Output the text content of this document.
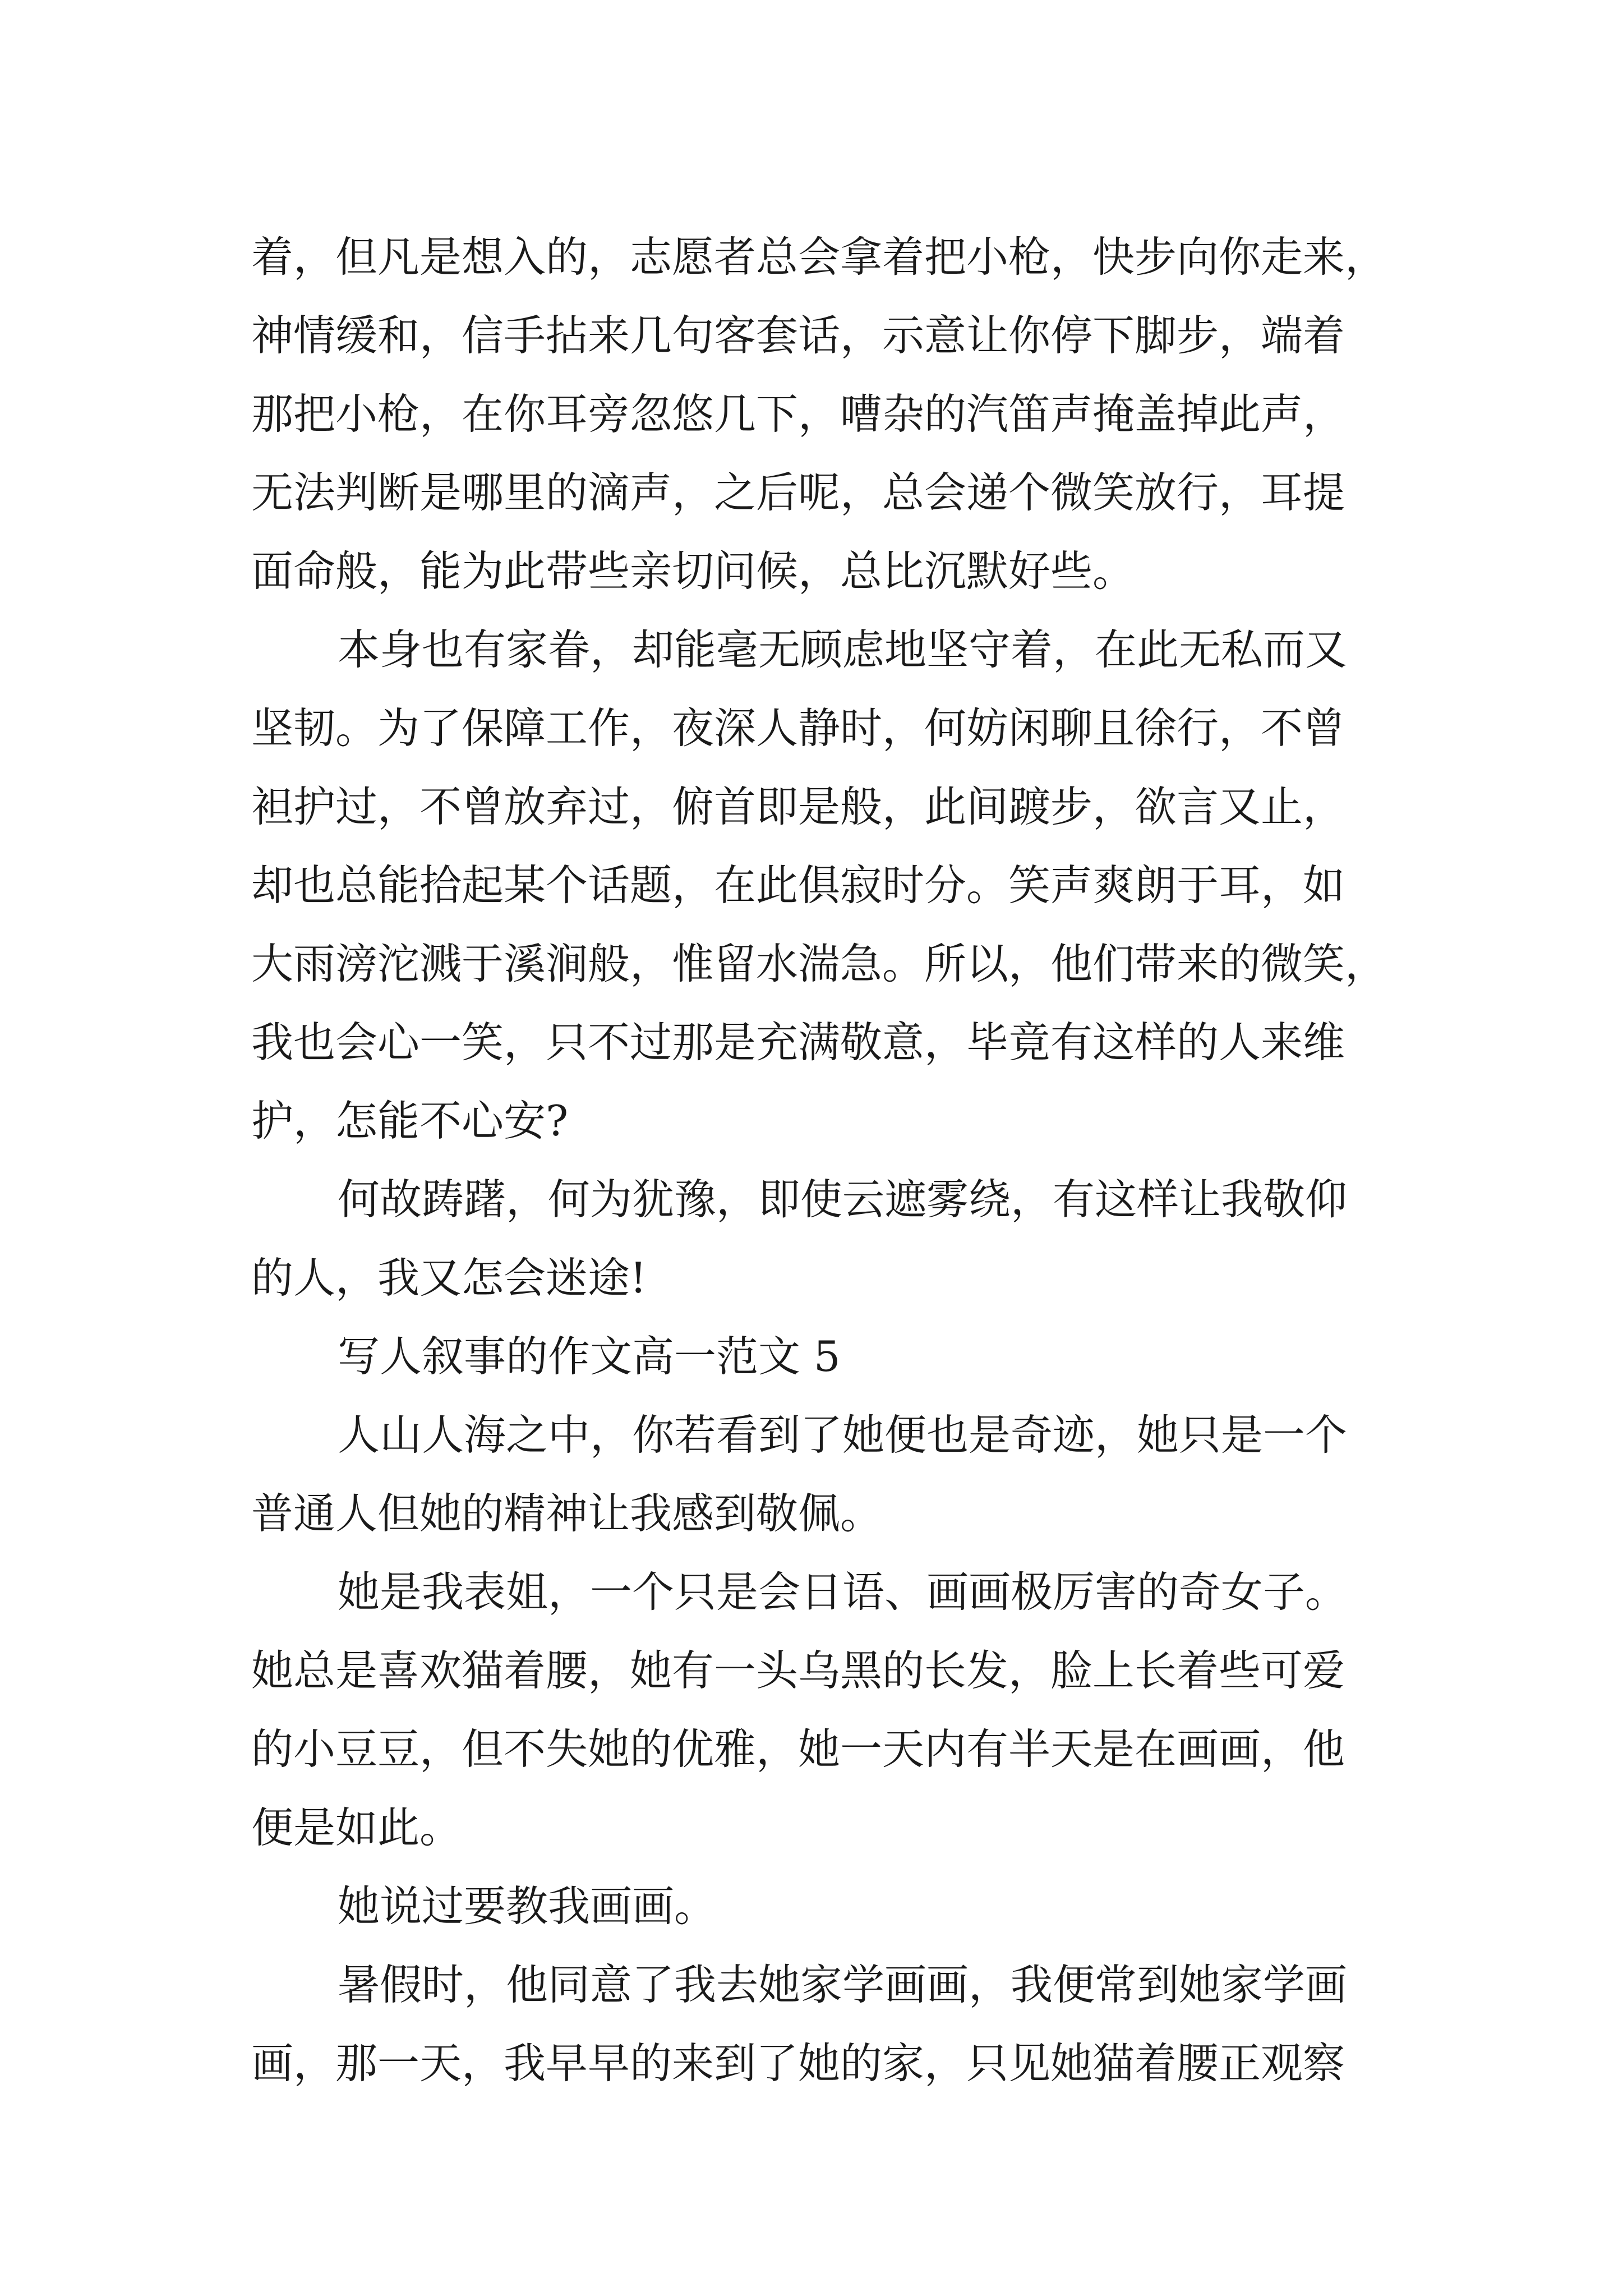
着，但凡是想入的，志愿者总会拿着把小枪，快步向你走来，
神情缓和，信手拈来几句客套话，示意让你停下脚步，端着
那把小枪，在你耳旁忽悠几下，嘈杂的汽笛声掩盖掉此声，
无法判断是哪里的滴声，之后呢，总会递个微笑放行，耳提
面命般，能为此带些亲切问候，总比沉默好些。
本身也有家眷，却能毫无顾虑地坚守着，在此无私而又
坚韧。为了保障工作，夜深人静时，何妨闲聊且徐行，不曾
袒护过，不曾放弃过，俯首即是般，此间踱步，欲言又止，
却也总能拾起某个话题，在此俱寂时分。笑声爽朗于耳，如
大雨滂沱溅于溪涧般，惟留水湍急。所以，他们带来的微笑，
我也会心一笑，只不过那是充满敬意，毕竟有这样的人来维
护，怎能不心安?
何故踌躇，何为犹豫，即使云遮雾绕，有这样让我敬仰
的人，我又怎会迷途!
写人叙事的作文高一范文 5
人山人海之中，你若看到了她便也是奇迹，她只是一个
普通人但她的精神让我感到敬佩。
她是我表姐，一个只是会日语、画画极厉害的奇女子。
她总是喜欢猫着腰，她有一头乌黑的长发，脸上长着些可爱
的小豆豆，但不失她的优雅，她一天内有半天是在画画，他
便是如此。
她说过要教我画画。
暑假时，他同意了我去她家学画画，我便常到她家学画
画，那一天，我早早的来到了她的家，只见她猫着腰正观察
